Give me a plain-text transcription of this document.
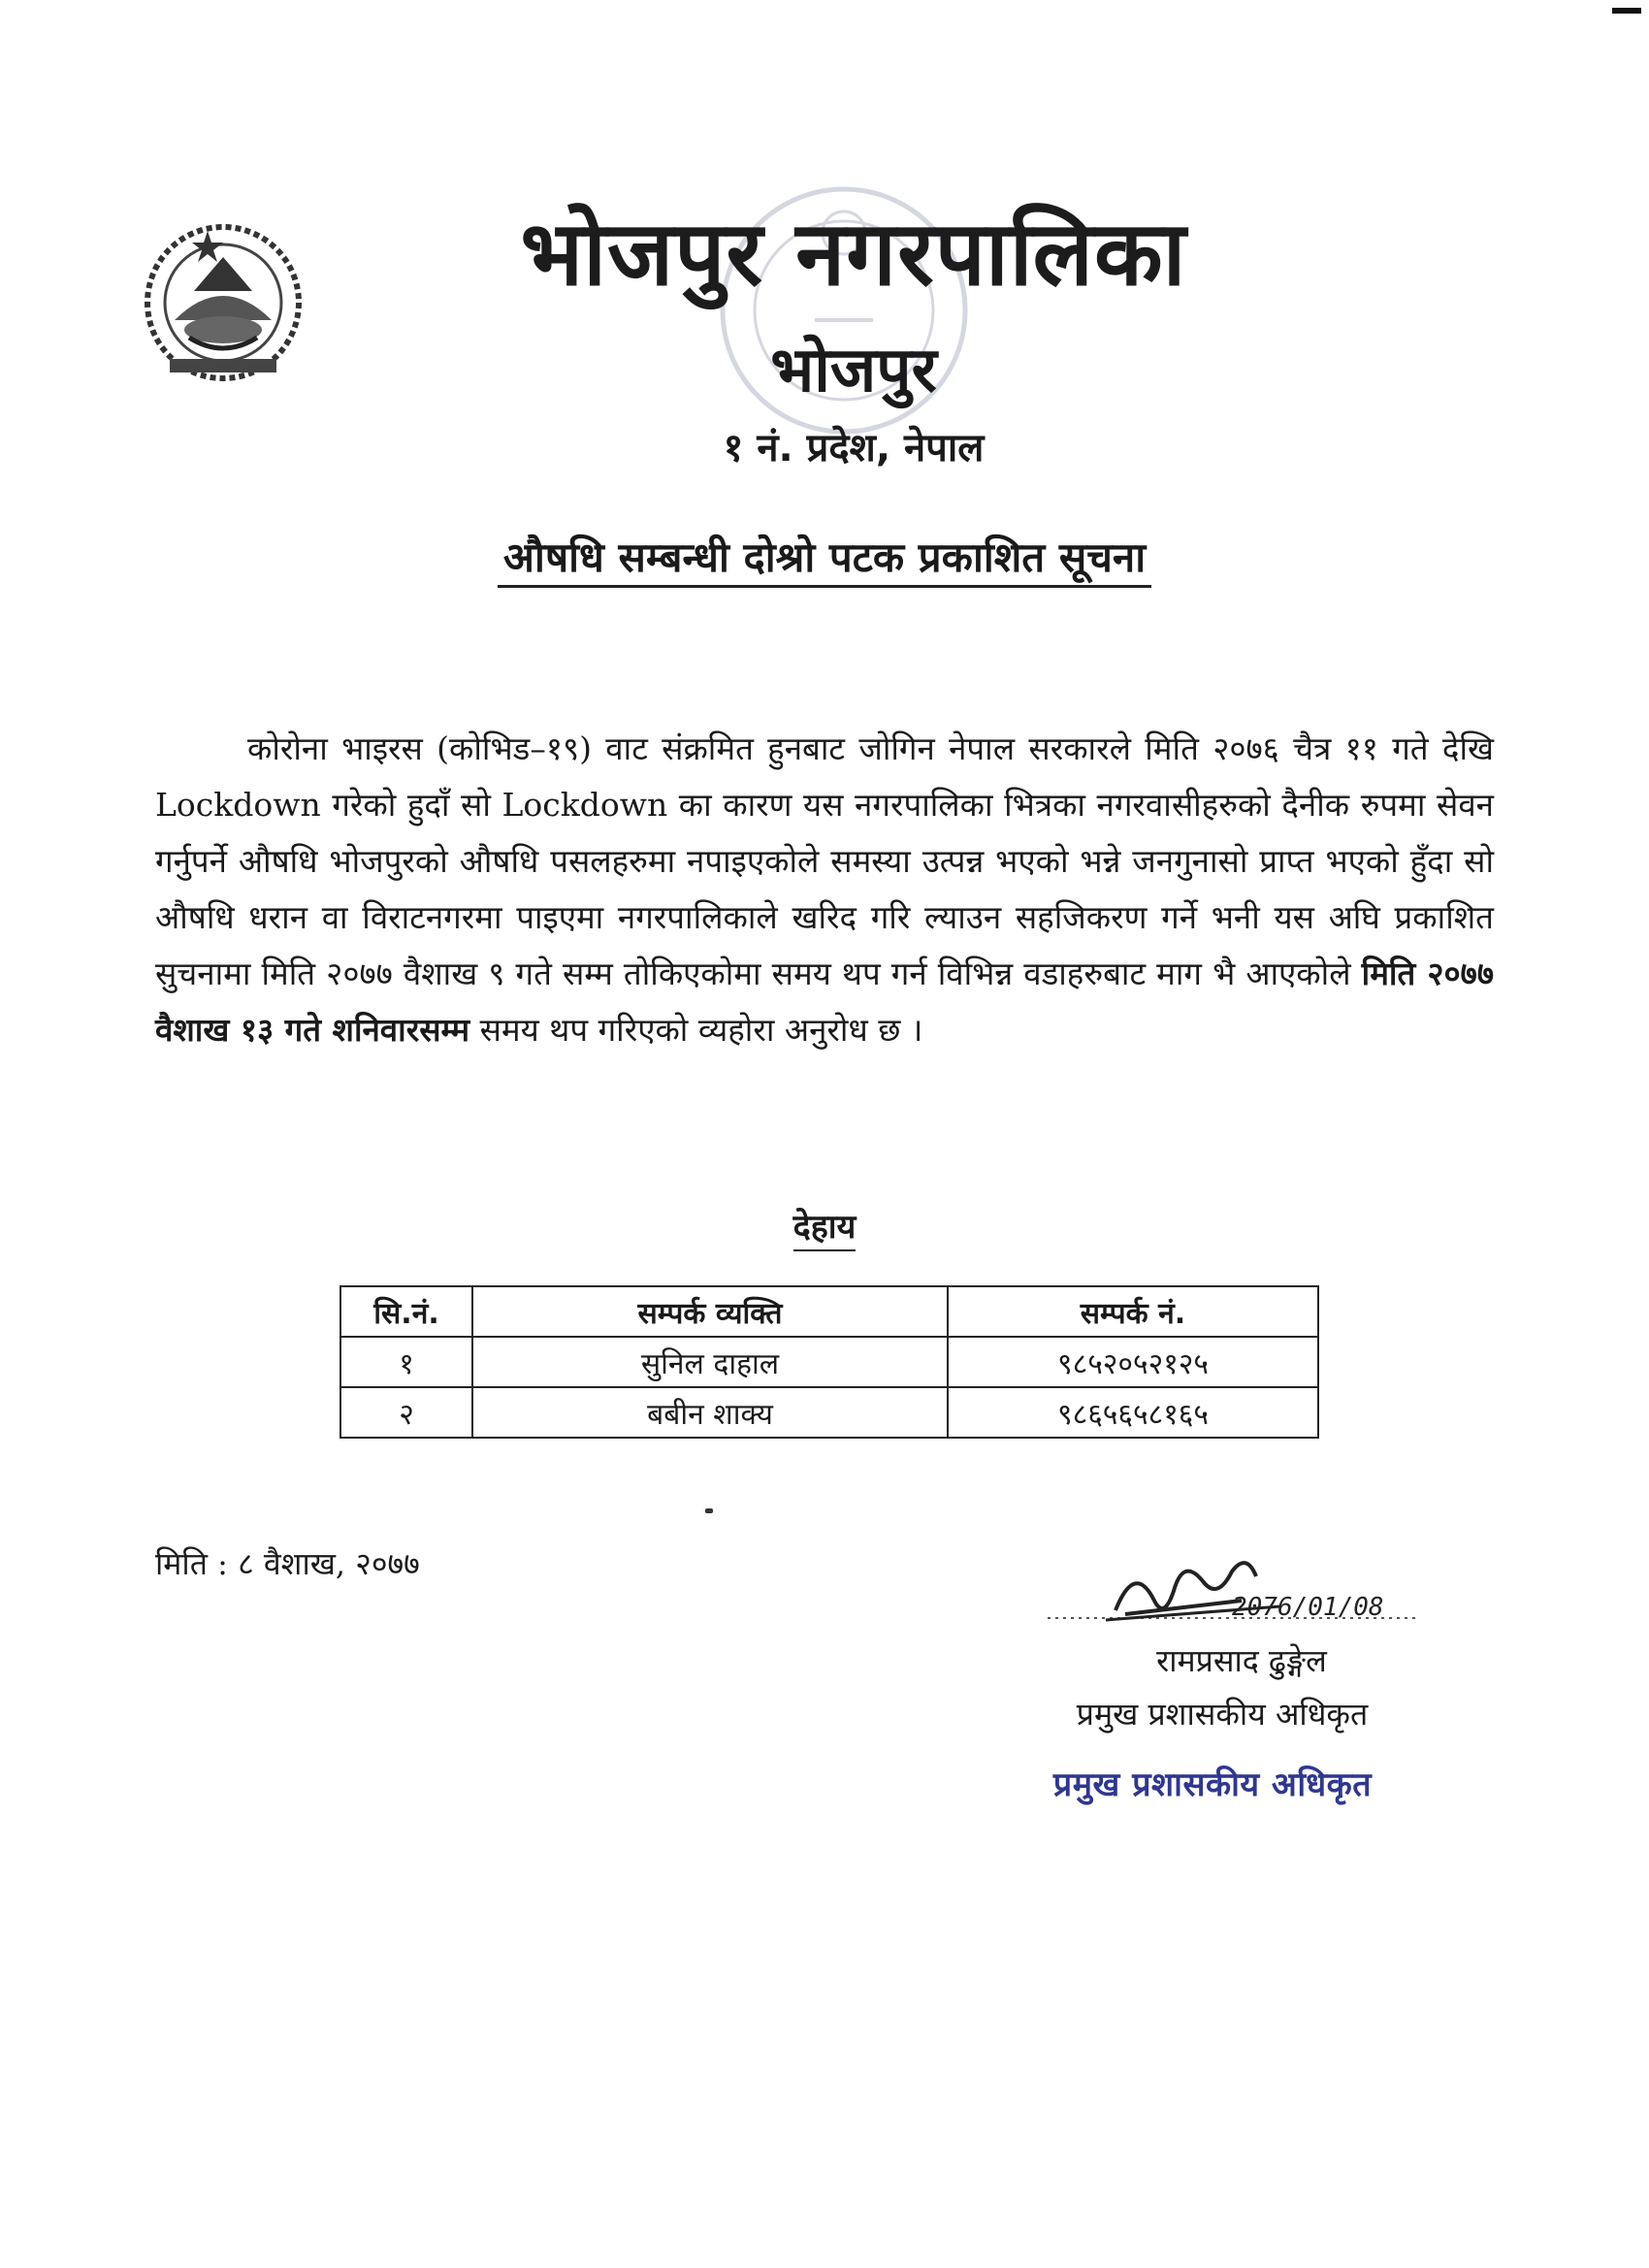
भोजपुर नगरपालिका
भोजपुर
१ नं. प्रदेश, नेपाल
औषधि सम्बन्धी दोश्रो पटक प्रकाशित सूचना

कोरोना भाइरस (कोभिड–१९) वाट संक्रमित हुनबाट जोगिन नेपाल सरकारले मिति २०७६ चैत्र ११ गते देखि Lockdown गरेको हुदाँ सो Lockdown का कारण यस नगरपालिका भित्रका नगरवासीहरुको दैनीक रुपमा सेवन गर्नुपर्ने औषधि भोजपुरको औषधि पसलहरुमा नपाइएकोले समस्या उत्पन्न भएको भन्ने जनगुनासो प्राप्त भएको हुँदा सो औषधि धरान वा विराटनगरमा पाइएमा नगरपालिकाले खरिद गरि ल्याउन सहजिकरण गर्ने भनी यस अघि प्रकाशित सुचनामा मिति २०७७ वैशाख ९ गते सम्म तोकिएकोमा समय थप गर्न विभिन्न वडाहरुबाट माग भै आएकोले मिति २०७७ वैशाख १३ गते शनिवारसम्म समय थप गरिएको व्यहोरा अनुरोध छ ।

देहाय
सि.नं.	सम्पर्क व्यक्ति	सम्पर्क नं.
१	सुनिल दाहाल	९८५२०५२१२५
२	बबीन शाक्य	९८६५६५८१६५
मिति : ८ वैशाख, २०७७
2076/01/08
रामप्रसाद ढुङ्गेल
प्रमुख प्रशासकीय अधिकृत
प्रमुख प्रशासकीय अधिकृत
